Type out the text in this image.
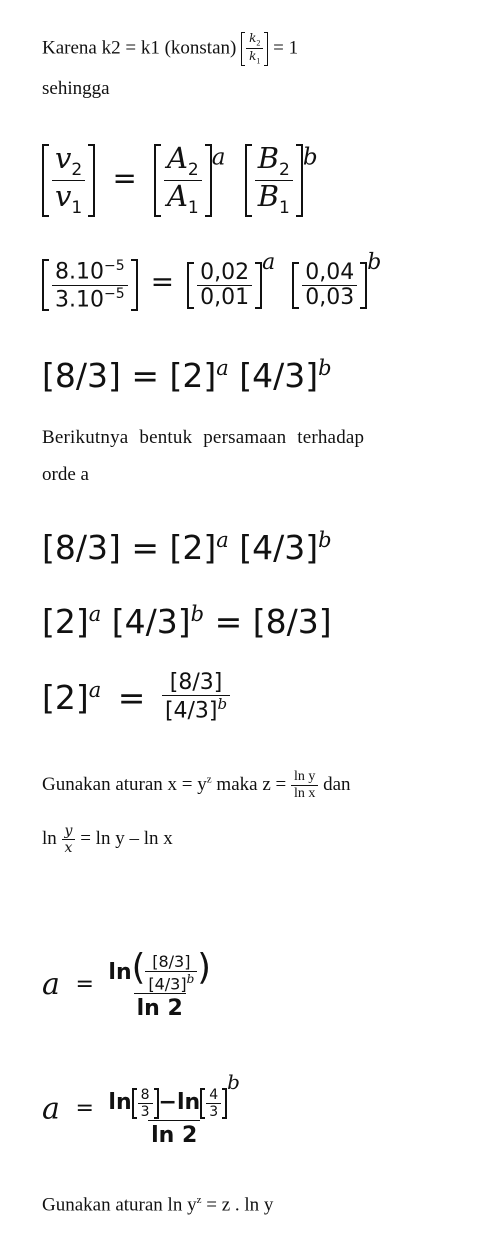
Karena k2 = k1 (konstan) $\frac{k_2}{k_1} = 1$
sehingga
$\frac{v_2}{v_1} = \frac{A_2}{A_1} ^a \frac{B_2}{B_1} ^b$
$\frac{8.10^{-5}}{3.10^{-5}} = \frac{0,02}{0,01}$ a $\frac{0,04}{0,03}$ b
$[8/3] = [2]^a$ $[4/3]^b$
Berikutnya bentuk persamaan terhadap
orde a
$[8/3] = [2]^a$ $[4/3]^b$
$[2]^a$ $[4/3]^b = [8/3]$
$[2]^a = \frac{[8/3]}{[4/3]^b}$
Gunakan aturan $x = y^z$ maka $z = \frac{\text{ln y}}{\text{ln x}}$ dan
$\ln \frac{y}{x} = \ln y - \ln x$
$a = \frac{\ln( \frac{[8/3]}{[4/3]^b} )}{\ln 2}$
$a = \ln \frac{8}{3} -\ln \frac{4}{3}$
b
ln 2
Gunakan aturan $\ln y^z = z$ . ln y
